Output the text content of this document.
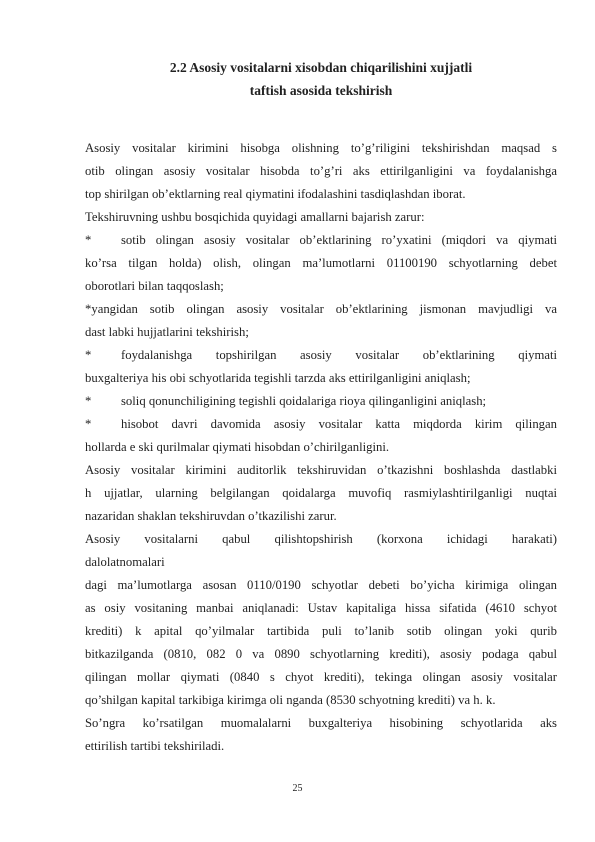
2.2 Asosiy vositalarni xisobdan chiqarilishini xujjatli
taftish asosida tekshirish
Asosiy vositalar kirimini hisobga olishning to’g’riligini tekshirishdan maqsad s
otib olingan asosiy vositalar hisobda to’g’ri aks ettirilganligini va foydalanishga
top shirilgan ob’ektlarning real qiymatini ifodalashini tasdiqlashdan iborat.
Tekshiruvning ushbu bosqichida quyidagi amallarni bajarish zarur:
* sotib olingan asosiy vositalar ob’ektlarining ro’yxatini (miqdori va qiymati
ko’rsa tilgan holda) olish, olingan ma’lumotlarni 01100190 schyotlarning debet
oborotlari bilan taqqoslash;
*yangidan sotib olingan asosiy vositalar ob’ektlarining jismonan mavjudligi va
dast labki hujjatlarini tekshirish;
* foydalanishga topshirilgan asosiy vositalar ob’ektlarining qiymati
buxgalteriya his obi schyotlarida tegishli tarzda aks ettirilganligini aniqlash;
* soliq qonunchiligining tegishli qoidalariga rioya qilinganligini aniqlash;
* hisobot davri davomida asosiy vositalar katta miqdorda kirim qilingan
hollarda e ski qurilmalar qiymati hisobdan o’chirilganligini.
Asosiy vositalar kirimini auditorlik tekshiruvidan o’tkazishni boshlashda dastlabki
h ujjatlar, ularning belgilangan qoidalarga muvofiq rasmiylashtirilganligi nuqtai
nazaridan shaklan tekshiruvdan o’tkazilishi zarur.
Asosiy vositalarni qabul qilishtopshirish (korxona ichidagi harakati)
dalolatnomalari
dagi ma’lumotlarga asosan 0110/0190 schyotlar debeti bo’yicha kirimiga olingan
as osiy vositaning manbai aniqlanadi: Ustav kapitaliga hissa sifatida (4610 schyot
krediti) k apital qo’yilmalar tartibida puli to’lanib sotib olingan yoki qurib
bitkazilganda (0810, 082 0 va 0890 schyotlarning krediti), asosiy podaga qabul
qilingan mollar qiymati (0840 s chyot krediti), tekinga olingan asosiy vositalar
qo’shilgan kapital tarkibiga kirimga oli nganda (8530 schyotning krediti) va h. k.
So’ngra ko’rsatilgan muomalalarni buxgalteriya hisobining schyotlarida aks
ettirilish tartibi tekshiriladi.
25
